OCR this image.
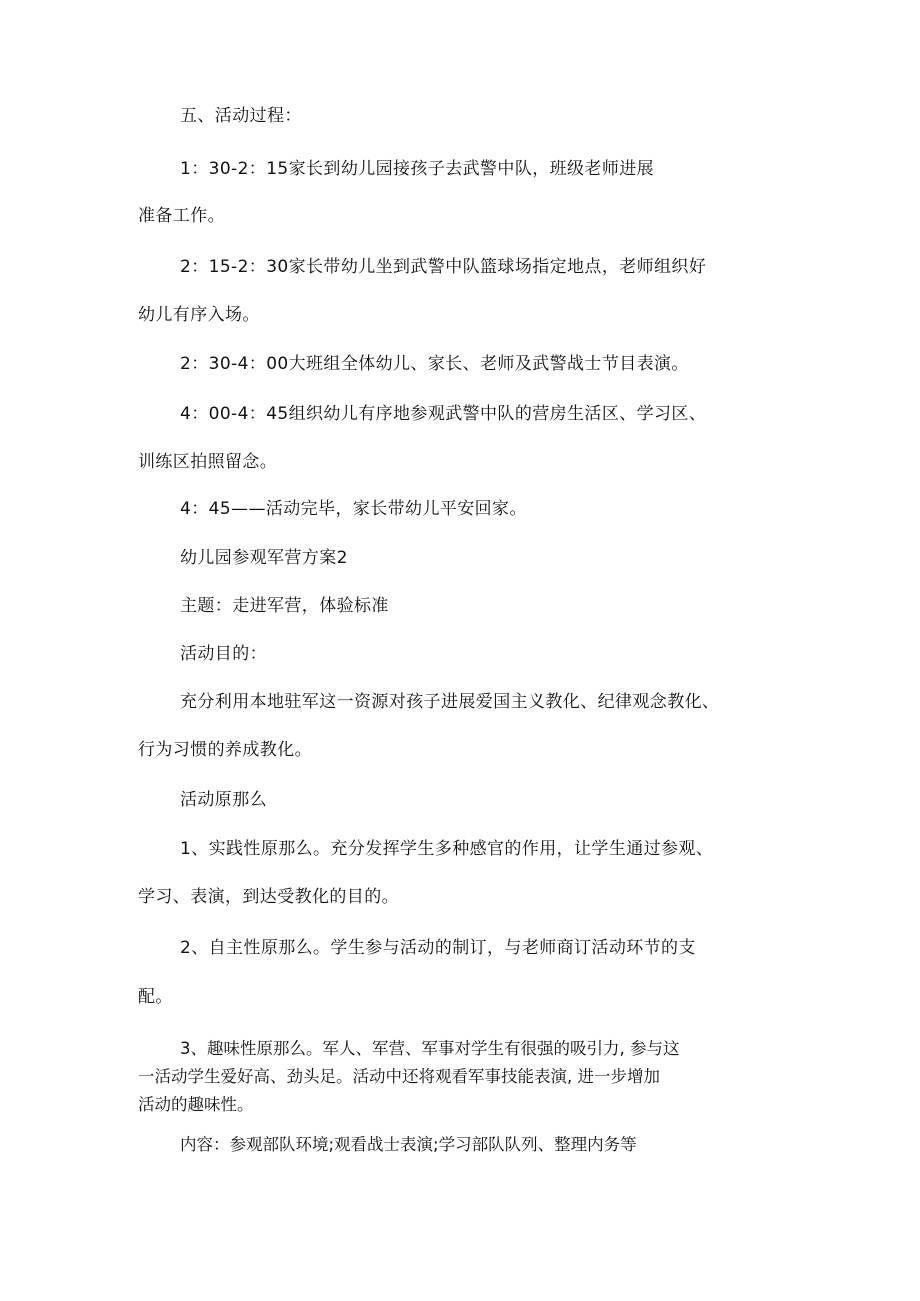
五、活动过程：
1：30-2：15家长到幼儿园接孩子去武警中队，班级老师进展
准备工作。
2：15-2：30家长带幼儿坐到武警中队篮球场指定地点，老师组织好
幼儿有序入场。
2：30-4：00大班组全体幼儿、家长、老师及武警战士节目表演。
4：00-4：45组织幼儿有序地参观武警中队的营房生活区、学习区、
训练区拍照留念。
4：45——活动完毕，家长带幼儿平安回家。
幼儿园参观军营方案2
主题：走进军营，体验标准
活动目的：
充分利用本地驻军这一资源对孩子进展爱国主义教化、纪律观念教化、
行为习惯的养成教化。
活动原那么
1、实践性原那么。充分发挥学生多种感官的作用，让学生通过参观、
学习、表演，到达受教化的目的。
2、自主性原那么。学生参与活动的制订，与老师商订活动环节的支
配。
3、趣味性原那么。军人、军营、军事对学生有很强的吸引力, 参与这
一活动学生爱好高、劲头足。活动中还将观看军事技能表演, 进一步增加
活动的趣味性。
内容：参观部队环境;观看战士表演;学习部队队列、整理内务等
